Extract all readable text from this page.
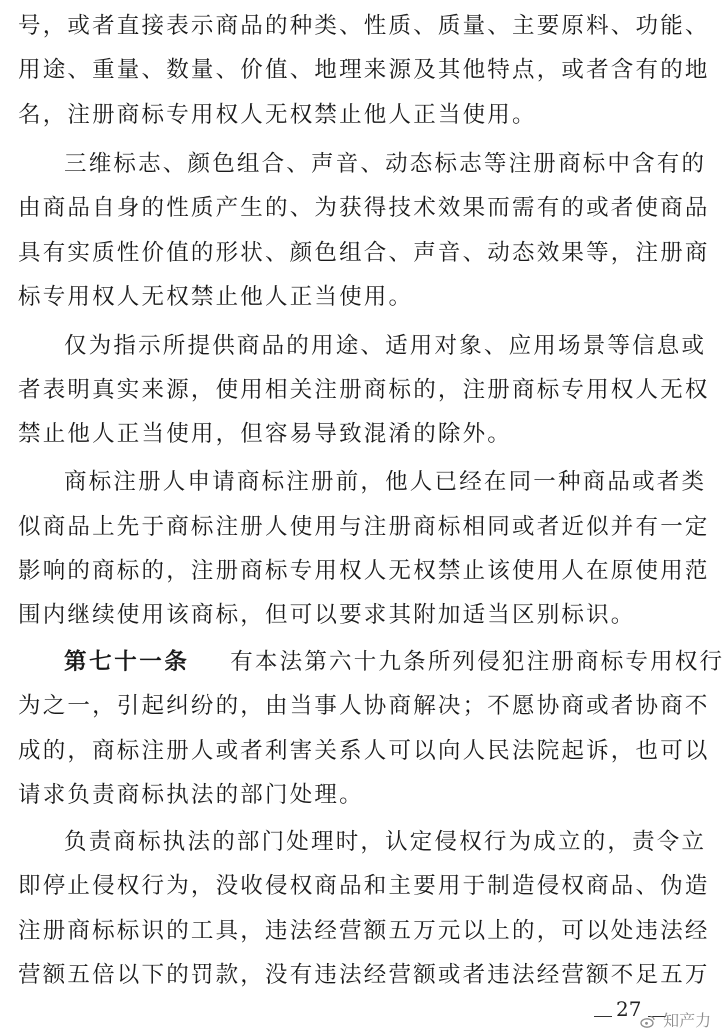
号，或者直接表示商品的种类、性质、质量、主要原料、功能、
用途、重量、数量、价值、地理来源及其他特点，或者含有的地
名，注册商标专用权人无权禁止他人正当使用。
三维标志、颜色组合、声音、动态标志等注册商标中含有的
由商品自身的性质产生的、为获得技术效果而需有的或者使商品
具有实质性价值的形状、颜色组合、声音、动态效果等，注册商
标专用权人无权禁止他人正当使用。
仅为指示所提供商品的用途、适用对象、应用场景等信息或
者表明真实来源，使用相关注册商标的，注册商标专用权人无权
禁止他人正当使用，但容易导致混淆的除外。
商标注册人申请商标注册前，他人已经在同一种商品或者类
似商品上先于商标注册人使用与注册商标相同或者近似并有一定
影响的商标的，注册商标专用权人无权禁止该使用人在原使用范
围内继续使用该商标，但可以要求其附加适当区别标识。
第七十一条 有本法第六十九条所列侵犯注册商标专用权行
为之一，引起纠纷的，由当事人协商解决；不愿协商或者协商不
成的，商标注册人或者利害关系人可以向人民法院起诉，也可以
请求负责商标执法的部门处理。
负责商标执法的部门处理时，认定侵权行为成立的，责令立
即停止侵权行为，没收侵权商品和主要用于制造侵权商品、伪造
注册商标标识的工具，违法经营额五万元以上的，可以处违法经
营额五倍以下的罚款，没有违法经营额或者违法经营额不足五万
27	知产力
